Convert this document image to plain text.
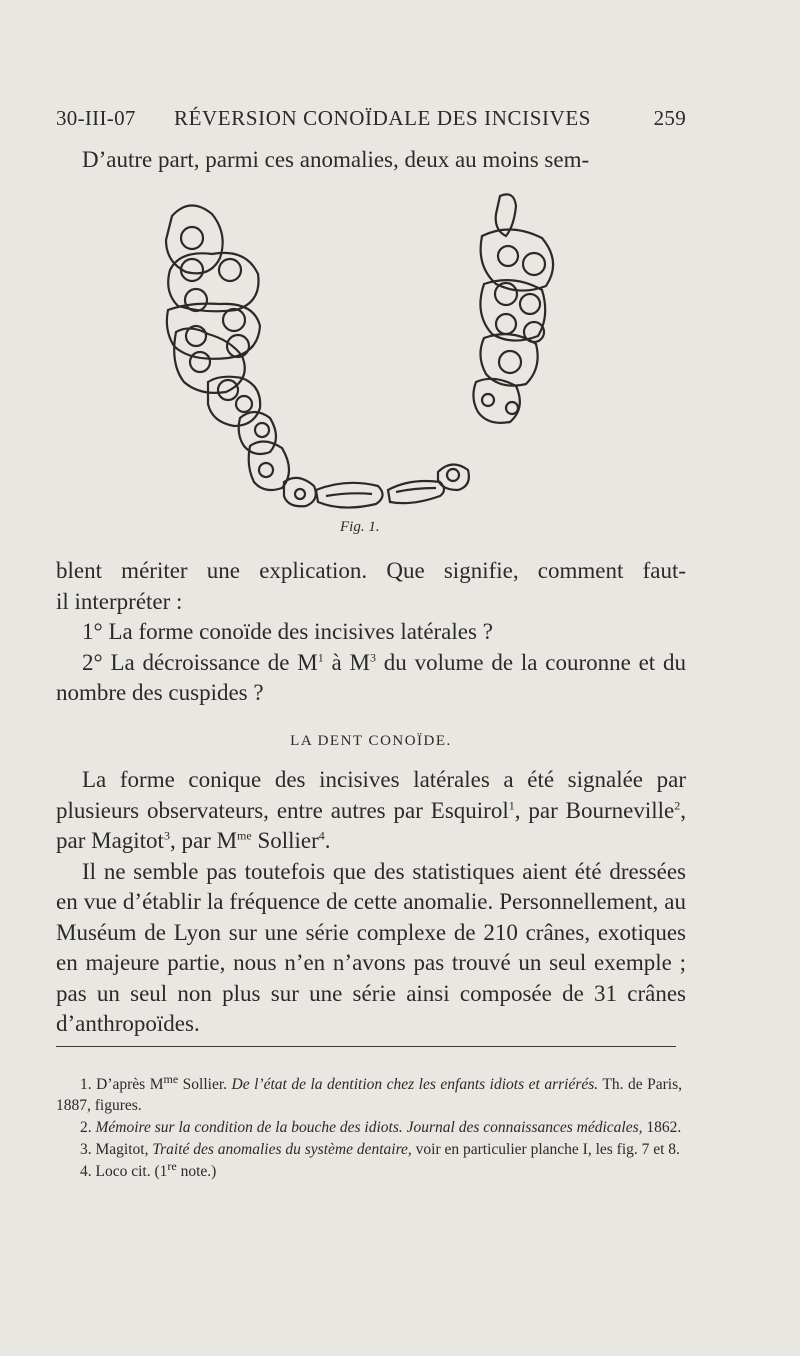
30-III-07 RÉVERSION CONOÏDALE DES INCISIVES	259

D’autre part, parmi ces anomalies, deux au moins sem-

Fig. 1.

blent mériter une explication. Que signifie, comment faut-

il interpréter :

1° La forme conoïde des incisives latérales ?

2° La décroissance de $M^1$ à $M^3$ du volume de la couronne et du nombre des cuspides ?

LA DENT CONOÏDE.

La forme conique des incisives latérales a été signalée par plusieurs observateurs, entre autres par Esquirol$^1$, par Bourneville$^2$, par Magitot$^3$, par $M^{me}$ Sollier$^4$.

Il ne semble pas toutefois que des statistiques aient été dressées en vue d’établir la fréquence de cette anomalie. Personnellement, au Muséum de Lyon sur une série complexe de 210 crânes, exotiques en majeure partie, nous n’en n’avons pas trouvé un seul exemple ; pas un seul non plus sur une série ainsi composée de 31 crânes d’anthropoïdes.

1. D’après $M^{me}$ Sollier. De l’état de la dentition chez les enfants idiots et arriérés. Th. de Paris, 1887, figures.

2. Mémoire sur la condition de la bouche des idiots. Journal des connaissances médicales, 1862.

3. Magitot, Traité des anomalies du système dentaire, voir en particulier planche I, les fig. 7 et 8.

4. Loco cit. (1re note.)
